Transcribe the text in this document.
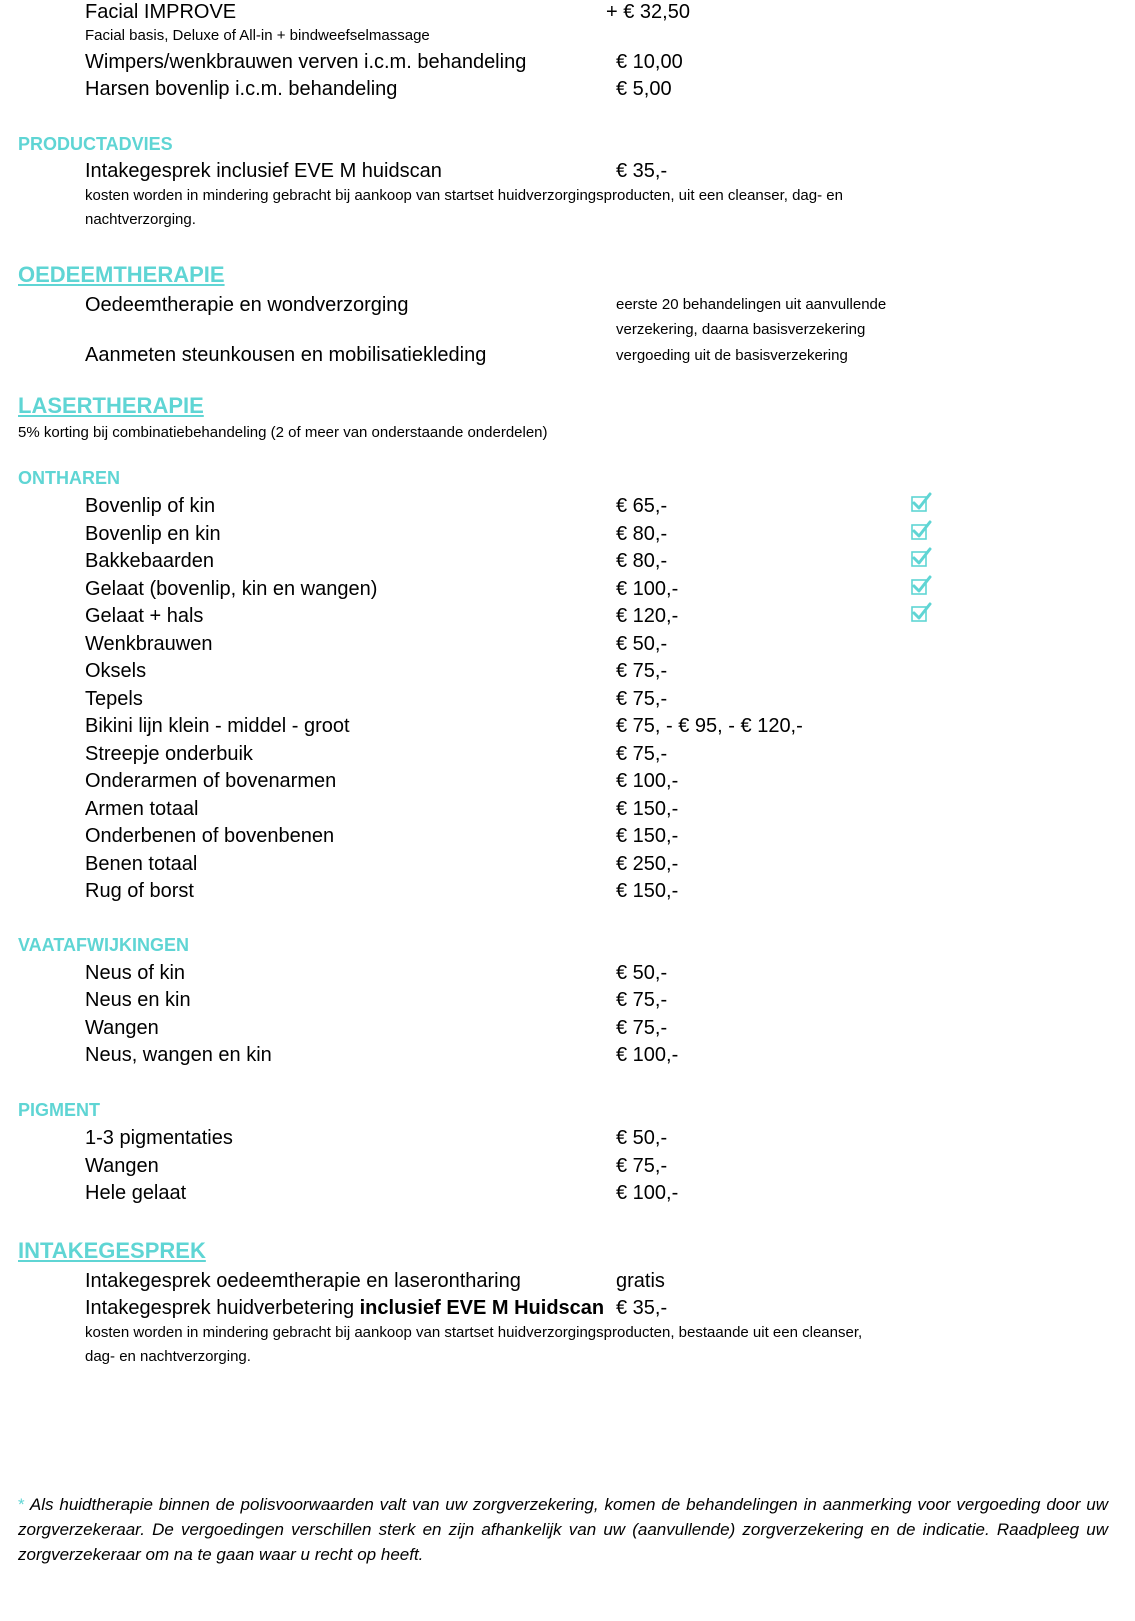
Facial IMPROVE	+ € 32,50
Facial basis, Deluxe of All-in + bindweefselmassage
Wimpers/wenkbrauwen verven i.c.m. behandeling	€ 10,00
Harsen bovenlip i.c.m. behandeling	€ 5,00
PRODUCTADVIES
Intakegesprek inclusief EVE M huidscan	€ 35,-
kosten worden in mindering gebracht bij aankoop van startset huidverzorgingsproducten, uit een cleanser, dag- en
nachtverzorging.
OEDEEMTHERAPIE
Oedeemtherapie en wondverzorging	eerste 20 behandelingen uit aanvullende
verzekering, daarna basisverzekering
Aanmeten steunkousen en mobilisatiekleding	vergoeding uit de basisverzekering
LASERTHERAPIE
5% korting bij combinatiebehandeling (2 of meer van onderstaande onderdelen)
ONTHAREN
Bovenlip of kin	€ 65,-
Bovenlip en kin	€ 80,-
Bakkebaarden	€ 80,-
Gelaat (bovenlip, kin en wangen)	€ 100,-
Gelaat + hals	€ 120,-
Wenkbrauwen	€ 50,-
Oksels	€ 75,-
Tepels	€ 75,-
Bikini lijn klein - middel - groot	€ 75, - € 95, - € 120,-
Streepje onderbuik	€ 75,-
Onderarmen of bovenarmen	€ 100,-
Armen totaal	€ 150,-
Onderbenen of bovenbenen	€ 150,-
Benen totaal	€ 250,-
Rug of borst	€ 150,-
VAATAFWIJKINGEN
Neus of kin	€ 50,-
Neus en kin	€ 75,-
Wangen	€ 75,-
Neus, wangen en kin	€ 100,-
PIGMENT
1-3 pigmentaties	€ 50,-
Wangen	€ 75,-
Hele gelaat	€ 100,-
INTAKEGESPREK
Intakegesprek oedeemtherapie en laserontharing	gratis
Intakegesprek huidverbetering inclusief EVE M Huidscan € 35,-
kosten worden in mindering gebracht bij aankoop van startset huidverzorgingsproducten, bestaande uit een cleanser,
dag- en nachtverzorging.
* Als huidtherapie binnen de polisvoorwaarden valt van uw zorgverzekering, komen de behandelingen in aanmerking voor vergoeding door uw zorgverzekeraar. De vergoedingen verschillen sterk en zijn afhankelijk van uw (aanvullende) zorgverzekering en de indicatie. Raadpleeg uw zorgverzekeraar om na te gaan waar u recht op heeft.
